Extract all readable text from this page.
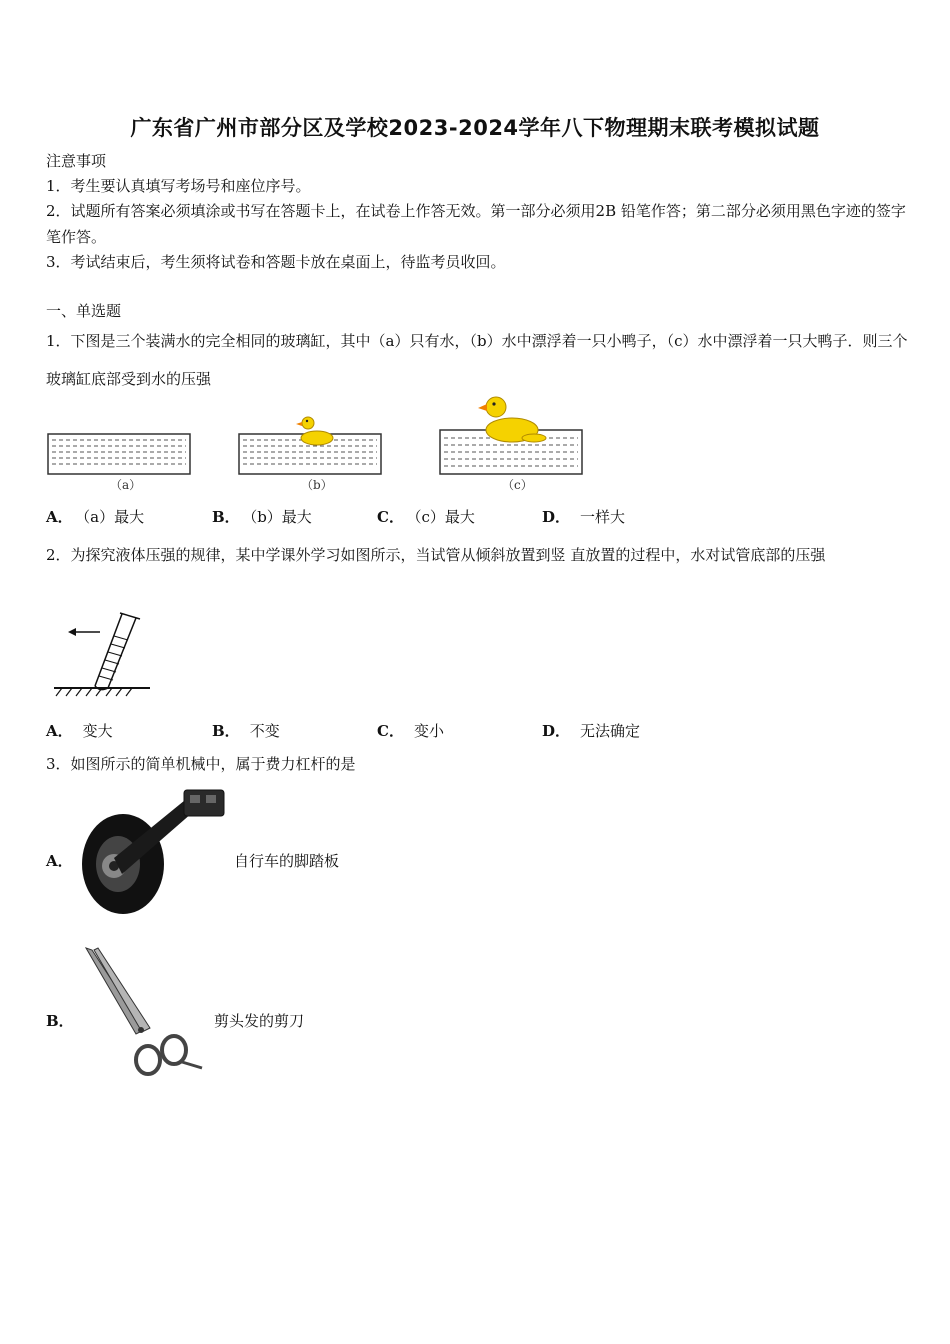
广东省广州市部分区及学校2023-2024学年八下物理期末联考模拟试题
注意事项
1．考生要认真填写考场号和座位序号。
2．试题所有答案必须填涂或书写在答题卡上，在试卷上作答无效。第一部分必须用2B 铅笔作答；第二部分必须用黑色字迹的签字笔作答。
3．考试结束后，考生须将试卷和答题卡放在桌面上，待监考员收回。
一、单选题
1．下图是三个装满水的完全相同的玻璃缸，其中（a）只有水，（b）水中漂浮着一只小鸭子，（c）水中漂浮着一只大鸭子．则三个玻璃缸底部受到水的压强
（a）	（b）	（c）
A． （a）最大	B． （b）最大	C． （c）最大	D． 一样大
2．为探究液体压强的规律，某中学课外学习如图所示，当试管从倾斜放置到竖 直放置的过程中，水对试管底部的压强
A． 变大	B． 不变	C． 变小	D． 无法确定
3．如图所示的简单机械中，属于费力杠杆的是
A．	自行车的脚踏板
B．	剪头发的剪刀
